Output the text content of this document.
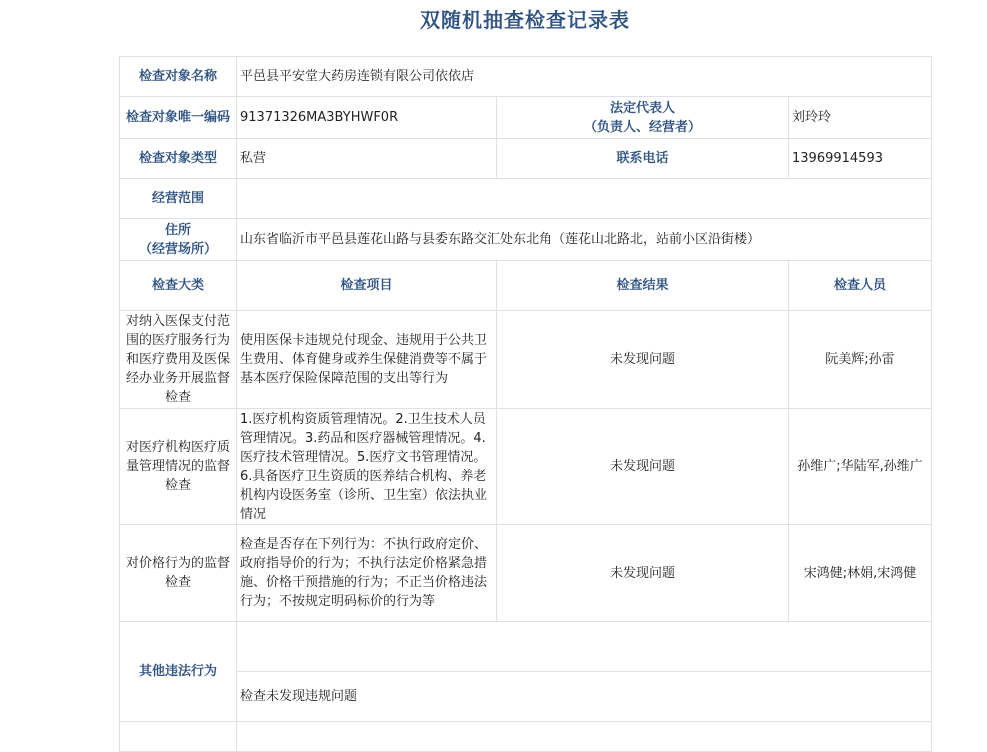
双随机抽查检查记录表
检查对象名称	平邑县平安堂大药房连锁有限公司依依店		
检查对象唯一编码	91371326MA3BYHWF0R	法定代表人
（负责人、经营者）	刘玲玲
检查对象类型	私营	联系电话	13969914593
经营范围			

住所
（经营场所）	山东省临沂市平邑县莲花山路与县委东路交汇处东北角（莲花山北路北，站前小区沿街楼）		
检查大类	检查项目	检查结果	检查人员
对纳入医保支付范围的医疗服务行为和医疗费用及医保经办业务开展监督检查	使用医保卡违规兑付现金、违规用于公共卫生费用、体育健身或养生保健消费等不属于基本医疗保险保障范围的支出等行为	未发现问题	阮美辉;孙雷
对医疗机构医疗质量管理情况的监督检查	1.医疗机构资质管理情况。2.卫生技术人员管理情况。3.药品和医疗器械管理情况。4.医疗技术管理情况。5.医疗文书管理情况。6.具备医疗卫生资质的医养结合机构、养老机构内设医务室（诊所、卫生室）依法执业情况	未发现问题	孙维广;华陆军,孙维广
对价格行为的监督检查	检查是否存在下列行为：不执行政府定价、政府指导价的行为；不执行法定价格紧急措施、价格干预措施的行为；不正当价格违法行为；不按规定明码标价的行为等	未发现问题	宋鸿健;林娟,宋鸿健
其他违法行为			
	检查未发现违规问题		
